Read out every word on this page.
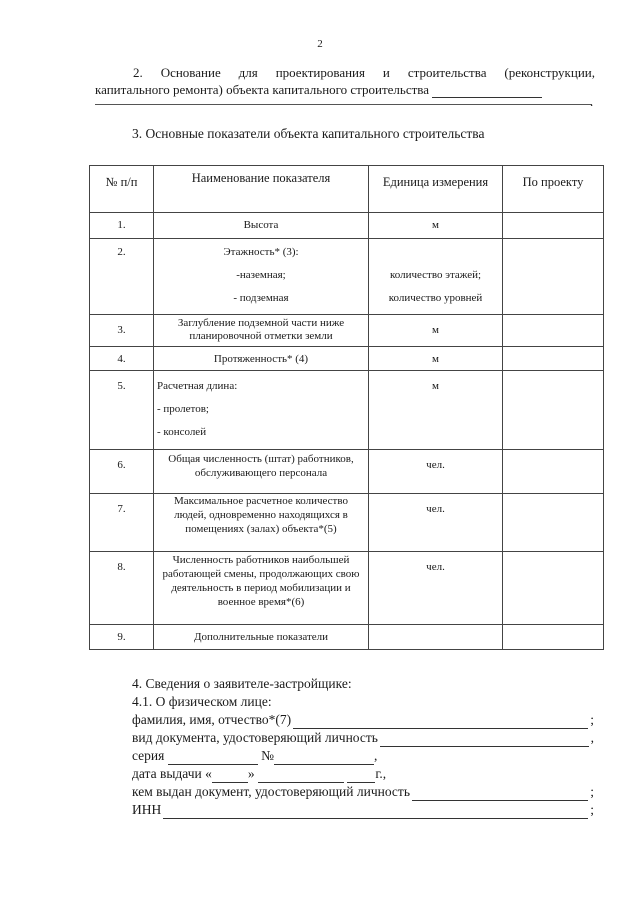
2
2. Основание для проектирования и строительства (реконструкции,
капитального ремонта) объекта капитального строительства
.
3. Основные показатели объекта капитального строительства
№ п/п	Наименование показателя	Единица измерения	По проекту
1.	Высота	м	
2.	Этажность* (3):
-наземная;
- подземная	количество этажей;
количество уровней	

3.	Заглубление подземной части ниже планировочной отметки земли	м	
4.	Протяженность* (4)	м	
5.	Расчетная длина:
- пролетов;
- консолей	м	
6.	Общая численность (штат) работников, обслуживающего персонала	чел.	
7.	Максимальное расчетное количество людей, одновременно находящихся в помещениях (залах) объекта*(5)	чел.	
8.	Численность работников наибольшей работающей смены, продолжающих свою деятельность в период мобилизации и военное время*(6)	чел.	
9.	Дополнительные показатели		
4. Сведения о заявителе-застройщике:
4.1. О физическом лице:
фамилия, имя, отчество*(7)	;
вид документа, удостоверяющий личность	,
серия

	№	,
дата выдачи «	»

	г.,
кем выдан документ, удостоверяющий личность	;
ИНН	;
